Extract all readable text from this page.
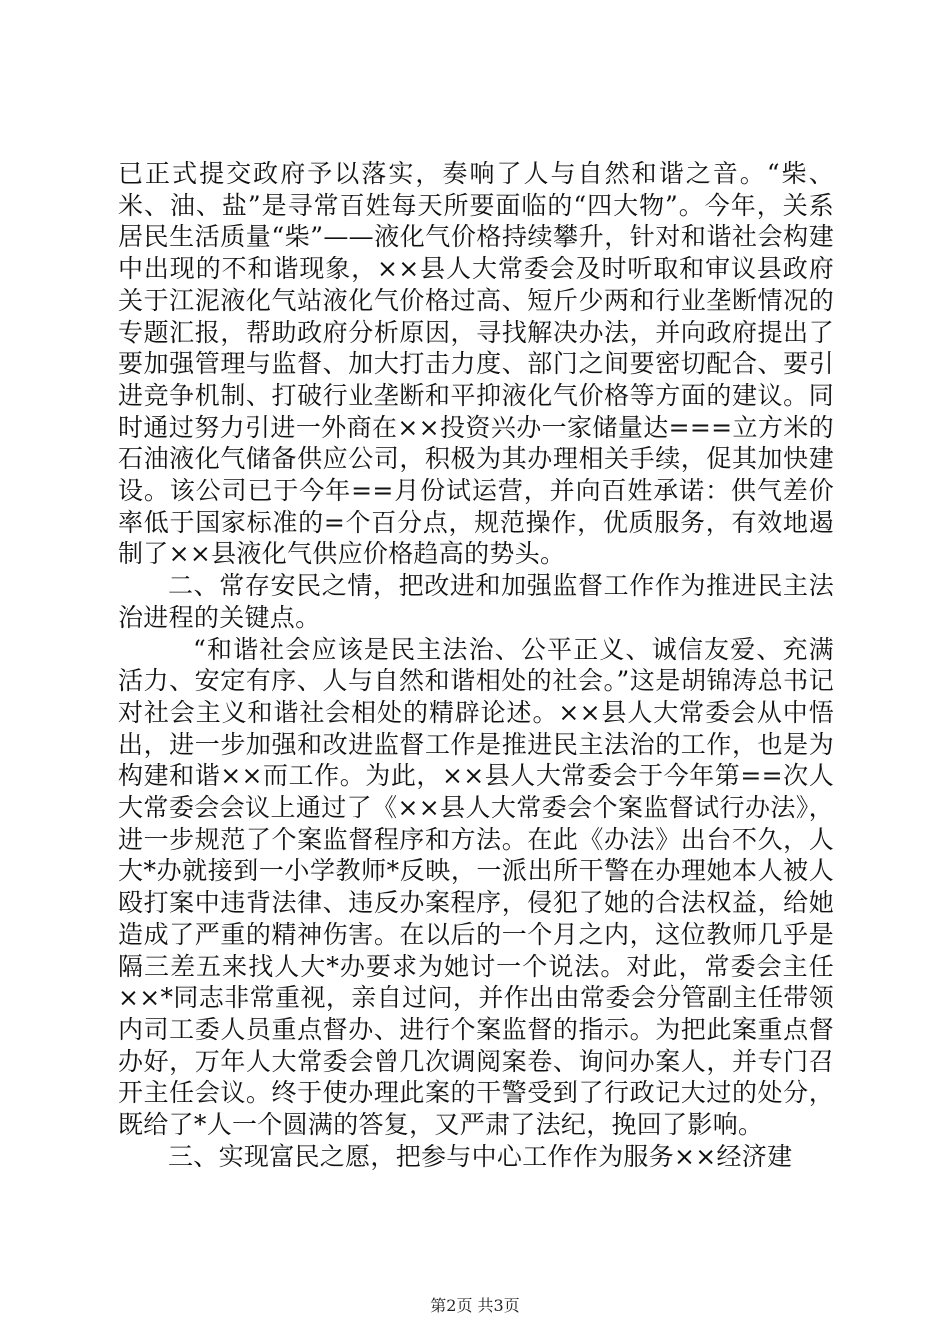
已正式提交政府予以落实，奏响了人与自然和谐之音。“柴、米、油、盐”是寻常百姓每天所要面临的“四大物”。今年，关系居民生活质量“柴”——液化气价格持续攀升，针对和谐社会构建中出现的不和谐现象，××县人大常委会及时听取和审议县政府关于江泥液化气站液化气价格过高、短斤少两和行业垄断情况的专题汇报，帮助政府分析原因，寻找解决办法，并向政府提出了要加强管理与监督、加大打击力度、部门之间要密切配合、要引进竞争机制、打破行业垄断和平抑液化气价格等方面的建议。同时通过努力引进一外商在××投资兴办一家储量达===立方米的石油液化气储备供应公司，积极为其办理相关手续，促其加快建设。该公司已于今年==月份试运营，并向百姓承诺：供气差价率低于国家标准的=个百分点，规范操作，优质服务，有效地遏制了××县液化气供应价格趋高的势头。

二、常存安民之情，把改进和加强监督工作作为推进民主法治进程的关键点。

“和谐社会应该是民主法治、公平正义、诚信友爱、充满活力、安定有序、人与自然和谐相处的社会。”这是胡锦涛总书记对社会主义和谐社会相处的精辟论述。××县人大常委会从中悟出，进一步加强和改进监督工作是推进民主法治的工作，也是为构建和谐××而工作。为此，××县人大常委会于今年第==次人大常委会会议上通过了《××县人大常委会个案监督试行办法》，进一步规范了个案监督程序和方法。在此《办法》出台不久，人大*办就接到一小学教师*反映，一派出所干警在办理她本人被人殴打案中违背法律、违反办案程序，侵犯了她的合法权益，给她造成了严重的精神伤害。在以后的一个月之内，这位教师几乎是隔三差五来找人大*办要求为她讨一个说法。对此，常委会主任××*同志非常重视，亲自过问，并作出由常委会分管副主任带领内司工委人员重点督办、进行个案监督的指示。为把此案重点督办好，万年人大常委会曾几次调阅案卷、询问办案人，并专门召开主任会议。终于使办理此案的干警受到了行政记大过的处分，既给了*人一个圆满的答复，又严肃了法纪，挽回了影响。

三、实现富民之愿，把参与中心工作作为服务××经济建

第2页 共3页
